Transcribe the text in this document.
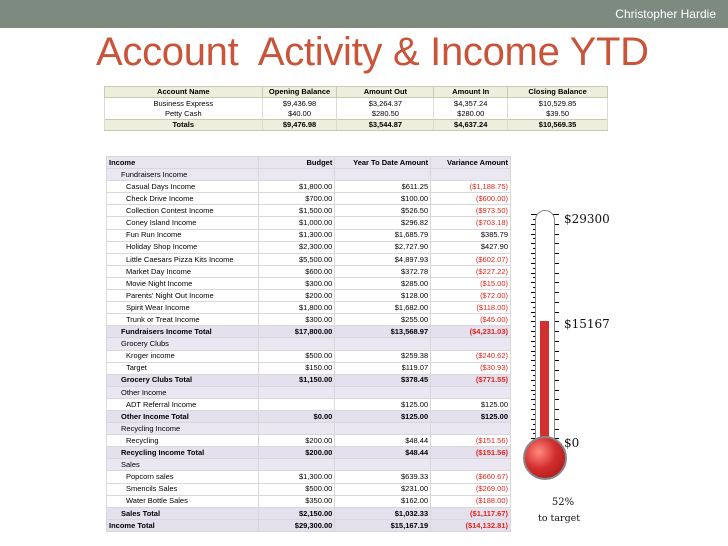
Christopher Hardie
Account  Activity & Income YTD
Account Name	Opening Balance	Amount Out	Amount In	Closing Balance
Business Express	$9,436.98	$3,264.37	$4,357.24	$10,529.85
Petty Cash	$40.00	$280.50	$280.00	$39.50
Totals	$9,476.98	$3,544.87	$4,637.24	$10,569.35
Income	Budget	Year To Date Amount	Variance Amount
Fundraisers Income			
Casual Days Income	$1,800.00	$611.25	($1,188.75)
Check Drive Income	$700.00	$100.00	($600.00)
Collection Contest Income	$1,500.00	$526.50	($973.50)
Coney Island Income	$1,000.00	$296.82	($703.18)
Fun Run Income	$1,300.00	$1,685.79	$385.79
Holiday Shop Income	$2,300.00	$2,727.90	$427.90
Little Caesars Pizza Kits Income	$5,500.00	$4,897.93	($602.07)
Market Day Income	$600.00	$372.78	($227.22)
Movie Night Income	$300.00	$285.00	($15.00)
Parents' Night Out Income	$200.00	$128.00	($72.00)
Spirit Wear Income	$1,800.00	$1,682.00	($118.00)
Trunk or Treat Income	$300.00	$255.00	($45.00)
Fundraisers Income Total	$17,800.00	$13,568.97	($4,231.03)
Grocery Clubs			
Kroger income	$500.00	$259.38	($240.62)
Target	$150.00	$119.07	($30.93)
Grocery Clubs Total	$1,150.00	$378.45	($771.55)
Other Income			
ADT Referral Income		$125.00	$125.00
Other Income Total	$0.00	$125.00	$125.00
Recycling Income			
Recycling	$200.00	$48.44	($151.56)
Recycling Income Total	$200.00	$48.44	($151.56)
Sales			
Popcorn sales	$1,300.00	$639.33	($660.67)
Smencils Sales	$500.00	$231.00	($269.00)
Water Bottle Sales	$350.00	$162.00	($188.00)
Sales Total	$2,150.00	$1,032.33	($1,117.67)
Income Total	$29,300.00	$15,167.19	($14,132.81)
$29300
$15167
$0
52%
to target
